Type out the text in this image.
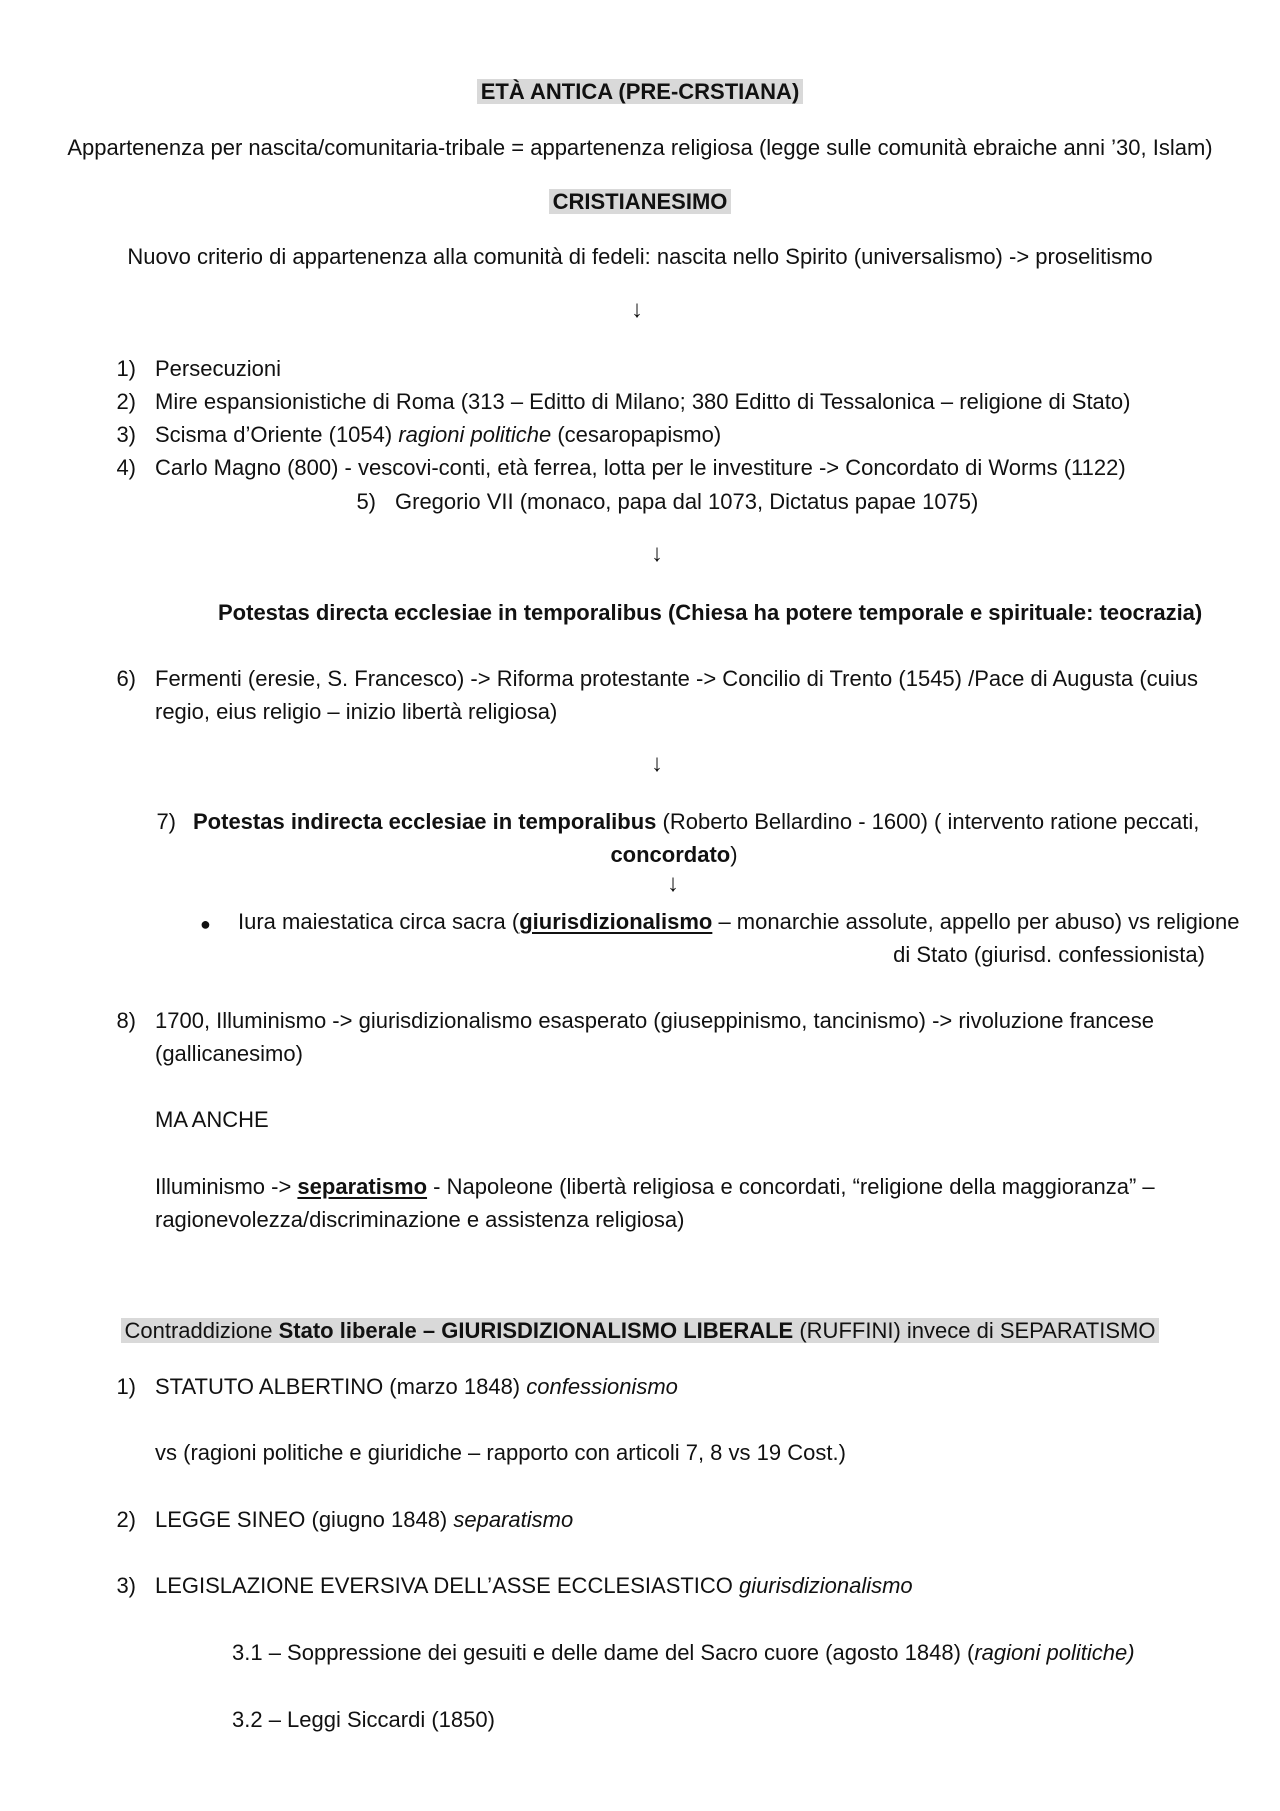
ETÀ ANTICA (PRE-CRSTIANA)
Appartenenza per nascita/comunitaria-tribale = appartenenza religiosa (legge sulle comunità ebraiche anni ’30, Islam)
CRISTIANESIMO
Nuovo criterio di appartenenza alla comunità di fedeli: nascita nello Spirito (universalismo) -> proselitismo
↓
1) Persecuzioni
2) Mire espansionistiche di Roma (313 – Editto di Milano; 380 Editto di Tessalonica – religione di Stato)
3) Scisma d’Oriente (1054) ragioni politiche (cesaropapismo)
4) Carlo Magno (800) - vescovi-conti, età ferrea, lotta per le investiture -> Concordato di Worms (1122)
5) Gregorio VII (monaco, papa dal 1073, Dictatus papae 1075)
↓
Potestas directa ecclesiae in temporalibus (Chiesa ha potere temporale e spirituale: teocrazia)
6) Fermenti (eresie, S. Francesco) -> Riforma protestante -> Concilio di Trento (1545) /Pace di Augusta (cuius
regio, eius religio – inizio libertà religiosa)
↓
7) Potestas indirecta ecclesiae in temporalibus (Roberto Bellardino - 1600) ( intervento ratione peccati,
concordato)
↓
● Iura maiestatica circa sacra (giurisdizionalismo – monarchie assolute, appello per abuso) vs religione
di Stato (giurisd. confessionista)
8) 1700, Illuminismo -> giurisdizionalismo esasperato (giuseppinismo, tancinismo) -> rivoluzione francese
(gallicanesimo)
MA ANCHE
Illuminismo -> separatismo - Napoleone (libertà religiosa e concordati, “religione della maggioranza” –
ragionevolezza/discriminazione e assistenza religiosa)
Contraddizione Stato liberale – GIURISDIZIONALISMO LIBERALE (RUFFINI) invece di SEPARATISMO
1) STATUTO ALBERTINO (marzo 1848) confessionismo
vs (ragioni politiche e giuridiche – rapporto con articoli 7, 8 vs 19 Cost.)
2) LEGGE SINEO (giugno 1848) separatismo
3) LEGISLAZIONE EVERSIVA DELL’ASSE ECCLESIASTICO giurisdizionalismo
3.1 – Soppressione dei gesuiti e delle dame del Sacro cuore (agosto 1848) (ragioni politiche)
3.2 – Leggi Siccardi (1850)
